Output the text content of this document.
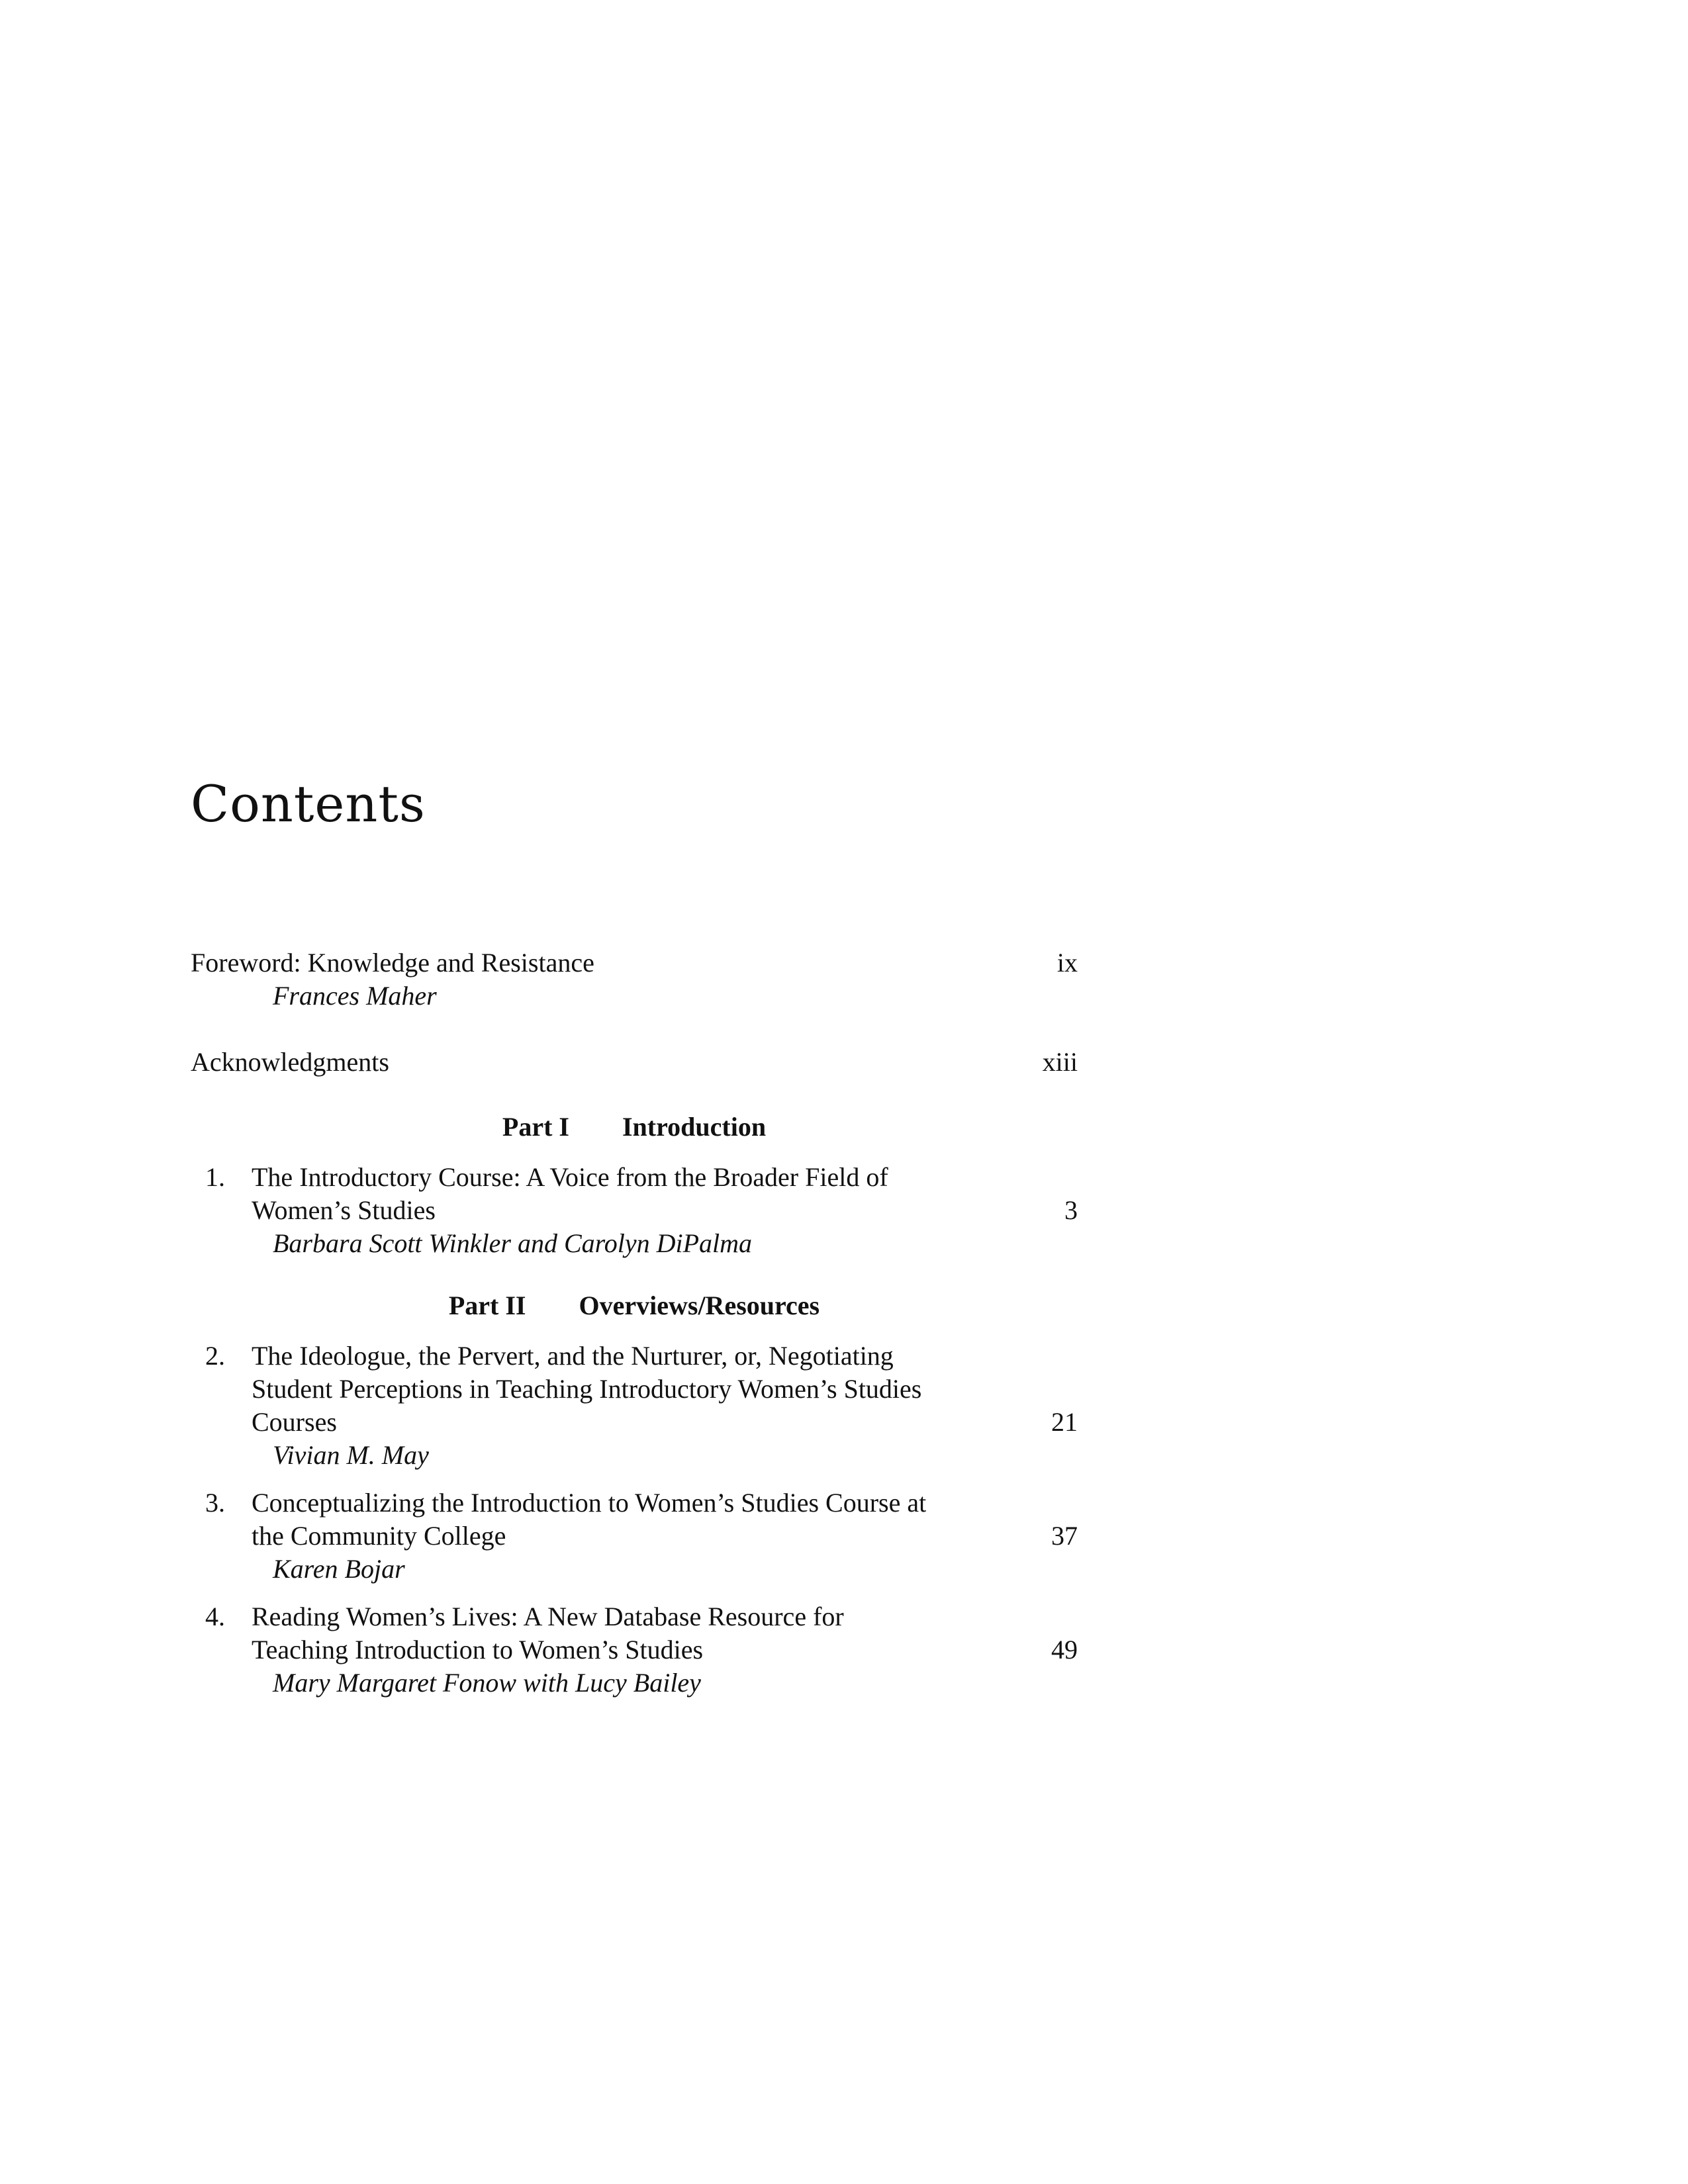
Contents
Foreword: Knowledge and Resistance	ix
Frances Maher
Acknowledgments	xiii
Part I Introduction
1.	The Introductory Course: A Voice from the Broader Field of
Women’s Studies	3
Barbara Scott Winkler and Carolyn DiPalma
Part II Overviews/Resources
2.	The Ideologue, the Pervert, and the Nurturer, or, Negotiating
Student Perceptions in Teaching Introductory Women’s Studies
Courses	21
Vivian M. May
3.	Conceptualizing the Introduction to Women’s Studies Course at
the Community College	37
Karen Bojar
4.	Reading Women’s Lives: A New Database Resource for
Teaching Introduction to Women’s Studies	49
Mary Margaret Fonow with Lucy Bailey
